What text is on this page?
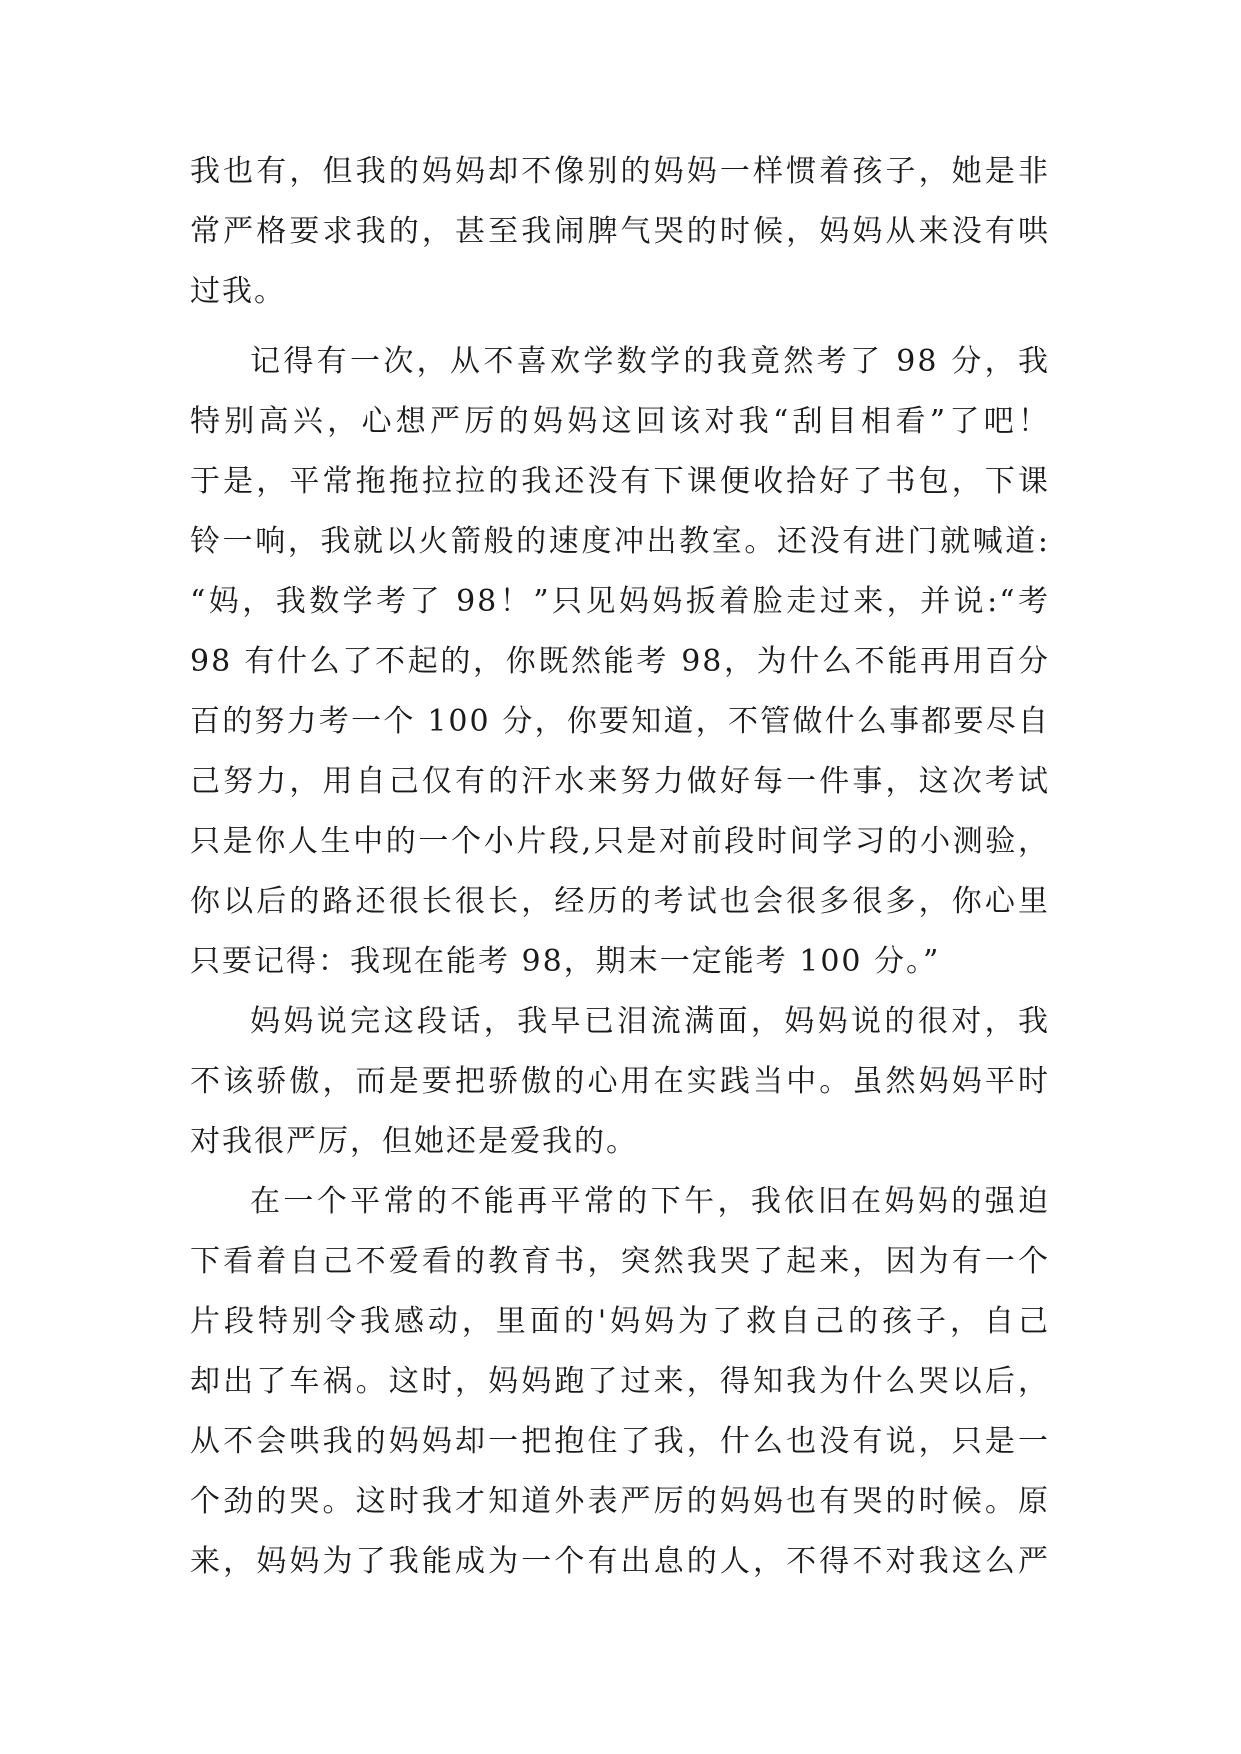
我也有，但我的妈妈却不像别的妈妈一样惯着孩子，她是非
常严格要求我的，甚至我闹脾气哭的时候，妈妈从来没有哄
过我。
记得有一次，从不喜欢学数学的我竟然考了 98 分，我
特别高兴，心想严厉的妈妈这回该对我“刮目相看”了吧！
于是，平常拖拖拉拉的我还没有下课便收拾好了书包，下课
铃一响，我就以火箭般的速度冲出教室。还没有进门就喊道:
“妈，我数学考了 98！”只见妈妈扳着脸走过来，并说:“考
98 有什么了不起的，你既然能考 98，为什么不能再用百分
百的努力考一个 100 分，你要知道，不管做什么事都要尽自
己努力，用自己仅有的汗水来努力做好每一件事，这次考试
只是你人生中的一个小片段,只是对前段时间学习的小测验，
你以后的路还很长很长，经历的考试也会很多很多，你心里
只要记得：我现在能考 98，期末一定能考 100 分。”
妈妈说完这段话，我早已泪流满面，妈妈说的很对，我
不该骄傲，而是要把骄傲的心用在实践当中。虽然妈妈平时
对我很严厉，但她还是爱我的。
在一个平常的不能再平常的下午，我依旧在妈妈的强迫
下看着自己不爱看的教育书，突然我哭了起来，因为有一个
片段特别令我感动，里面的'妈妈为了救自己的孩子，自己
却出了车祸。这时，妈妈跑了过来，得知我为什么哭以后，
从不会哄我的妈妈却一把抱住了我，什么也没有说，只是一
个劲的哭。这时我才知道外表严厉的妈妈也有哭的时候。原
来，妈妈为了我能成为一个有出息的人，不得不对我这么严
